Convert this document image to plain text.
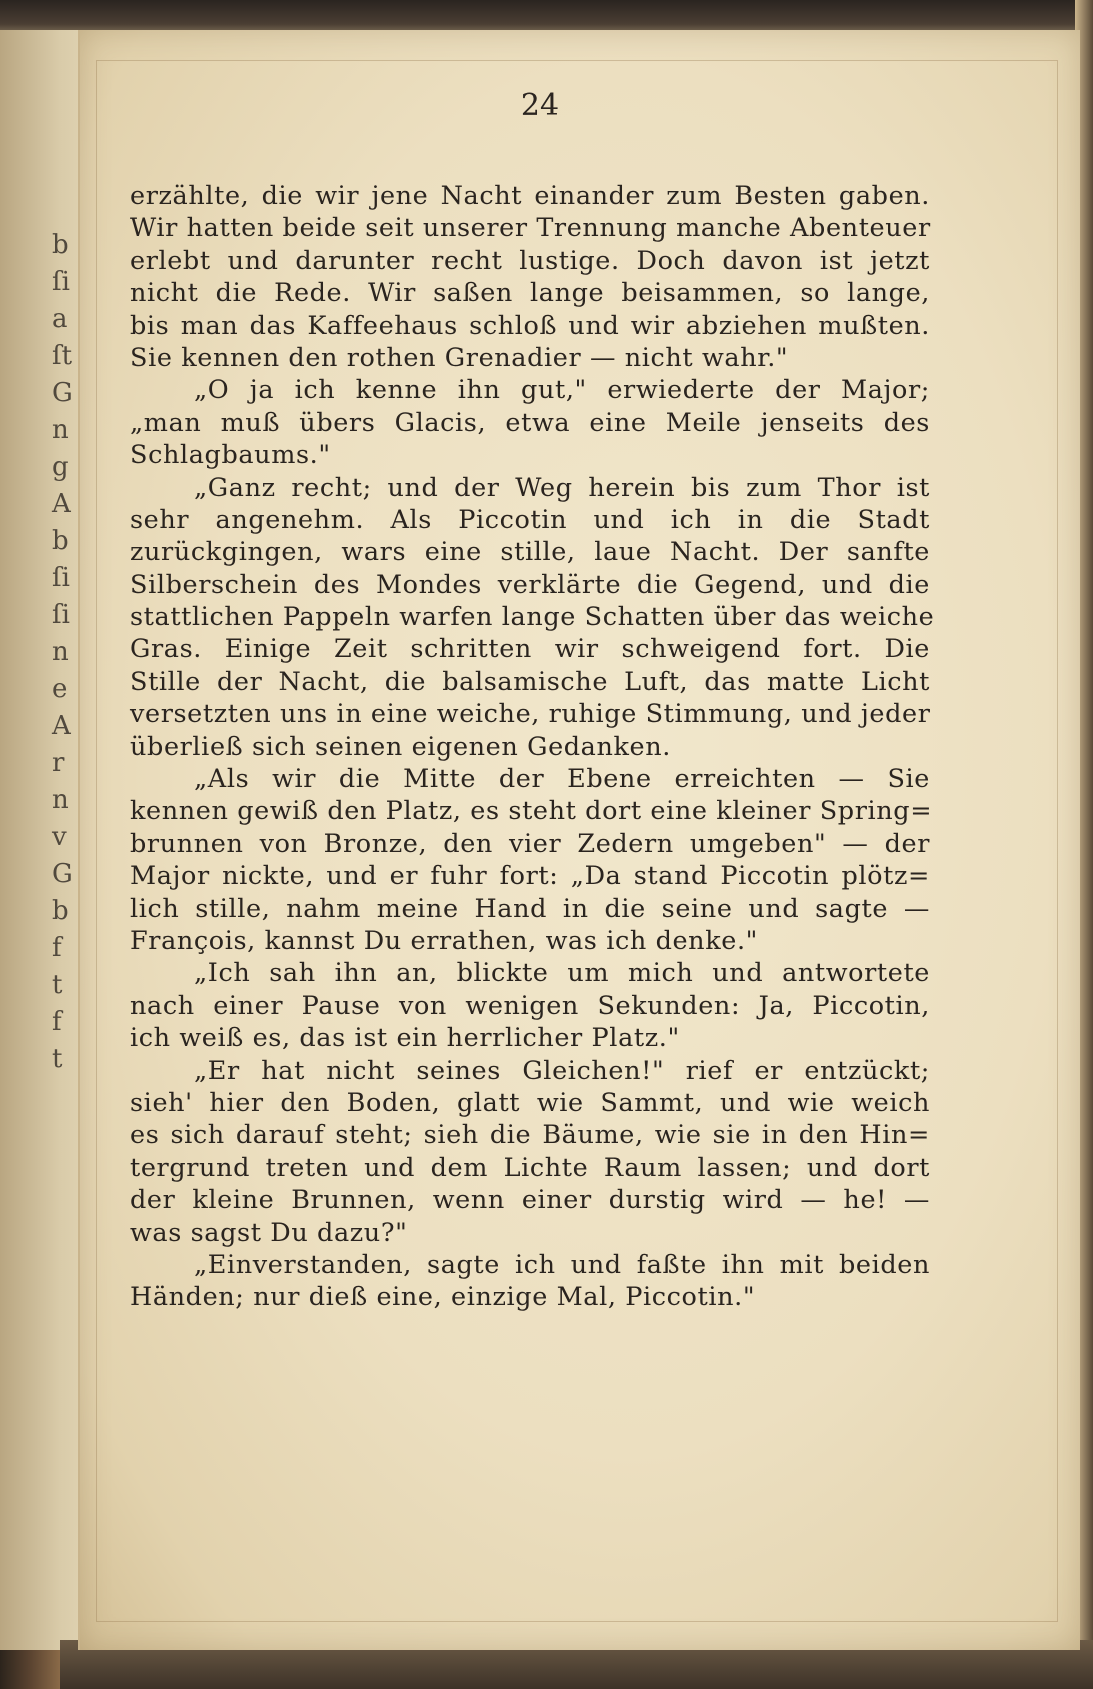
b
ſi
a
ſt
G
n
g
A
b
ſi
ſi
n
e
A
r
n
v
G
b
f
t
f
t
24
erzählte, die wir jene Nacht einander zum Besten gaben.
Wir hatten beide seit unserer Trennung manche Abenteuer
erlebt und darunter recht lustige. Doch davon ist jetzt
nicht die Rede. Wir saßen lange beisammen, so lange,
bis man das Kaffeehaus schloß und wir abziehen mußten.
Sie kennen den rothen Grenadier — nicht wahr."
„O ja ich kenne ihn gut," erwiederte der Major;
„man muß übers Glacis, etwa eine Meile jenseits des
Schlagbaums."
„Ganz recht; und der Weg herein bis zum Thor ist
sehr angenehm. Als Piccotin und ich in die Stadt
zurückgingen, wars eine stille, laue Nacht. Der sanfte
Silberschein des Mondes verklärte die Gegend, und die
stattlichen Pappeln warfen lange Schatten über das weiche
Gras. Einige Zeit schritten wir schweigend fort. Die
Stille der Nacht, die balsamische Luft, das matte Licht
versetzten uns in eine weiche, ruhige Stimmung, und jeder
überließ sich seinen eigenen Gedanken.
„Als wir die Mitte der Ebene erreichten — Sie
kennen gewiß den Platz, es steht dort eine kleiner Spring=
brunnen von Bronze, den vier Zedern umgeben" — der
Major nickte, und er fuhr fort: „Da stand Piccotin plötz=
lich stille, nahm meine Hand in die seine und sagte —
François, kannst Du errathen, was ich denke."
„Ich sah ihn an, blickte um mich und antwortete
nach einer Pause von wenigen Sekunden: Ja, Piccotin,
ich weiß es, das ist ein herrlicher Platz."
„Er hat nicht seines Gleichen!" rief er entzückt;
sieh' hier den Boden, glatt wie Sammt, und wie weich
es sich darauf steht; sieh die Bäume, wie sie in den Hin=
tergrund treten und dem Lichte Raum lassen; und dort
der kleine Brunnen, wenn einer durstig wird — he! —
was sagst Du dazu?"
„Einverstanden, sagte ich und faßte ihn mit beiden
Händen; nur dieß eine, einzige Mal, Piccotin."
